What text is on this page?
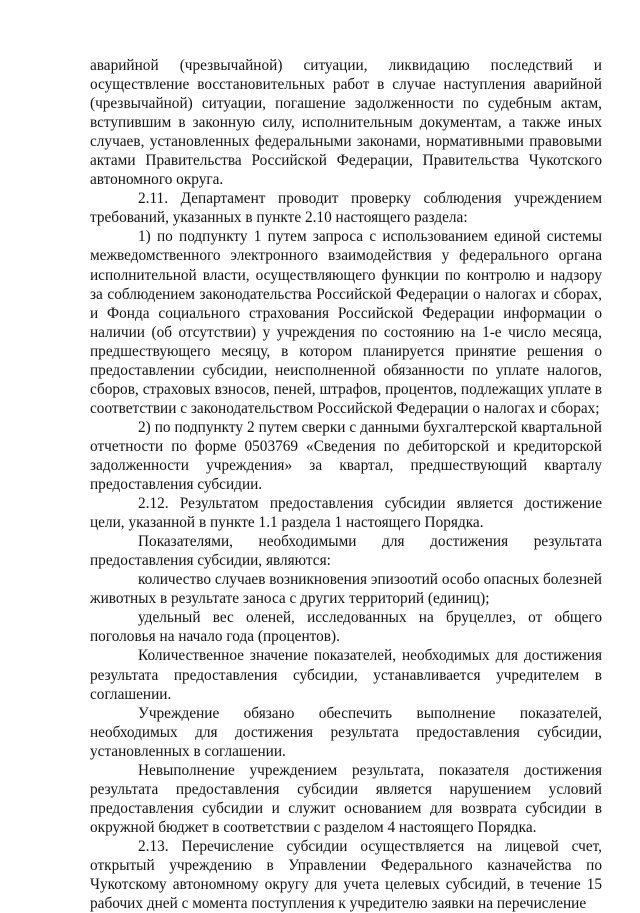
аварийной (чрезвычайной) ситуации, ликвидацию последствий и осуществление восстановительных работ в случае наступления аварийной (чрезвычайной) ситуации, погашение задолженности по судебным актам, вступившим в законную силу, исполнительным документам, а также иных случаев, установленных федеральными законами, нормативными правовыми актами Правительства Российской Федерации, Правительства Чукотского автономного округа.

2.11. Департамент проводит проверку соблюдения учреждением требований, указанных в пункте 2.10 настоящего раздела:

1) по подпункту 1 путем запроса с использованием единой системы межведомственного электронного взаимодействия у федерального органа исполнительной власти, осуществляющего функции по контролю и надзору за соблюдением законодательства Российской Федерации о налогах и сборах, и Фонда социального страхования Российской Федерации информации о наличии (об отсутствии) у учреждения по состоянию на 1-е число месяца, предшествующего месяцу, в котором планируется принятие решения о предоставлении субсидии, неисполненной обязанности по уплате налогов, сборов, страховых взносов, пеней, штрафов, процентов, подлежащих уплате в соответствии с законодательством Российской Федерации о налогах и сборах;

2) по подпункту 2 путем сверки с данными бухгалтерской квартальной отчетности по форме 0503769 «Сведения по дебиторской и кредиторской задолженности учреждения» за квартал, предшествующий кварталу предоставления субсидии.

2.12. Результатом предоставления субсидии является достижение цели, указанной в пункте 1.1 раздела 1 настоящего Порядка.

Показателями, необходимыми для достижения результата предоставления субсидии, являются:

количество случаев возникновения эпизоотий особо опасных болезней животных в результате заноса с других территорий (единиц);

удельный вес оленей, исследованных на бруцеллез, от общего поголовья на начало года (процентов).

Количественное значение показателей, необходимых для достижения результата предоставления субсидии, устанавливается учредителем в соглашении.

Учреждение обязано обеспечить выполнение показателей, необходимых для достижения результата предоставления субсидии, установленных в соглашении.

Невыполнение учреждением результата, показателя достижения результата предоставления субсидии является нарушением условий предоставления субсидии и служит основанием для возврата субсидии в окружной бюджет в соответствии с разделом 4 настоящего Порядка.

2.13. Перечисление субсидии осуществляется на лицевой счет, открытый учреждению в Управлении Федерального казначейства по Чукотскому автономному округу для учета целевых субсидий, в течение 15 рабочих дней с момента поступления к учредителю заявки на перечисление
